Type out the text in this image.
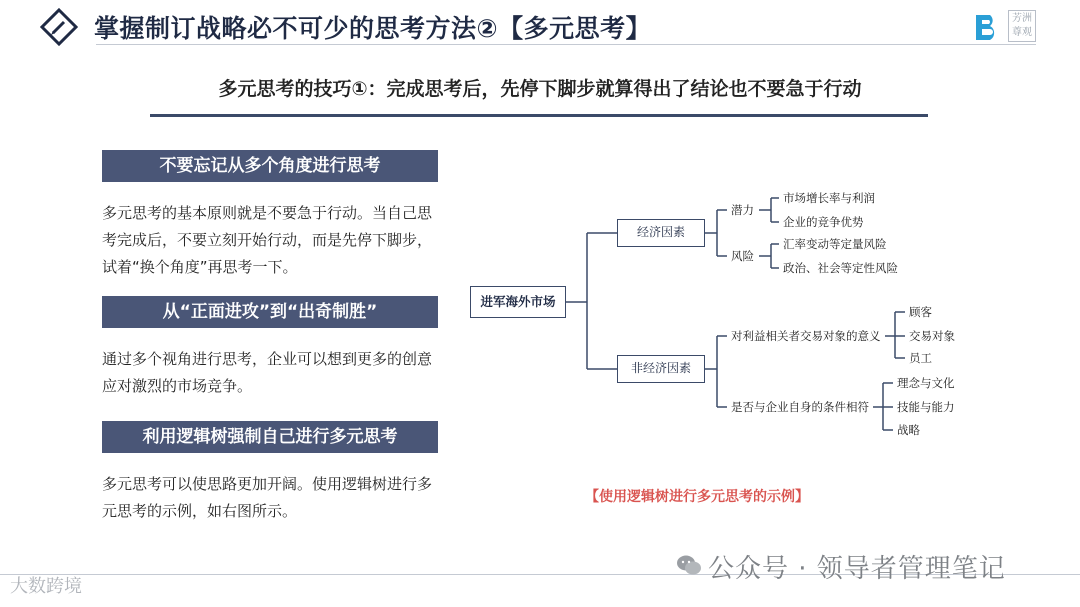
掌握制订战略必不可少的思考方法②【多元思考】	芳洲
尊观
多元思考的技巧①：完成思考后，先停下脚步就算得出了结论也不要急于行动
不要忘记从多个角度进行思考
多元思考的基本原则就是不要急于行动。当自己思考完成后，不要立刻开始行动，而是先停下脚步，试着“换个角度”再思考一下。
从“正面进攻”到“出奇制胜”
通过多个视角进行思考，企业可以想到更多的创意应对激烈的市场竞争。
利用逻辑树强制自己进行多元思考
多元思考可以使思路更加开阔。使用逻辑树进行多元思考的示例，如右图所示。
进军海外市场
经济因素
非经济因素
潜力
市场增长率与利润
企业的竞争优势
风险
汇率变动等定量风险
政治、社会等定性风险
对利益相关者交易对象的意义
顾客
交易对象
员工
是否与企业自身的条件相符
理念与文化
技能与能力
战略
【使用逻辑树进行多元思考的示例】
公众号 · 领导者管理笔记
大数跨境
